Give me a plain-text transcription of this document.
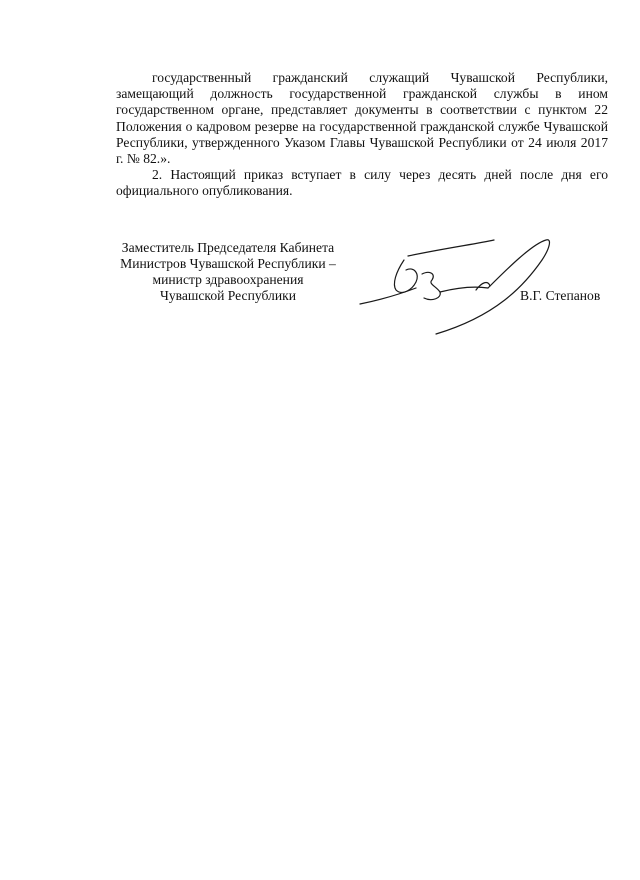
государственный гражданский служащий Чувашской Республики, замещающий должность государственной гражданской службы в ином государственном органе, представляет документы в соответствии с пунктом 22 Положения о кадровом резерве на государственной гражданской службе Чувашской Республики, утвержденного Указом Главы Чувашской Республики от 24 июля 2017 г. № 82.».

2. Настоящий приказ вступает в силу через десять дней после дня его официального опубликования.

Заместитель Председателя Кабинета
Министров Чувашской Республики –
министр здравоохранения
Чувашской Республики	В.Г. Степанов
